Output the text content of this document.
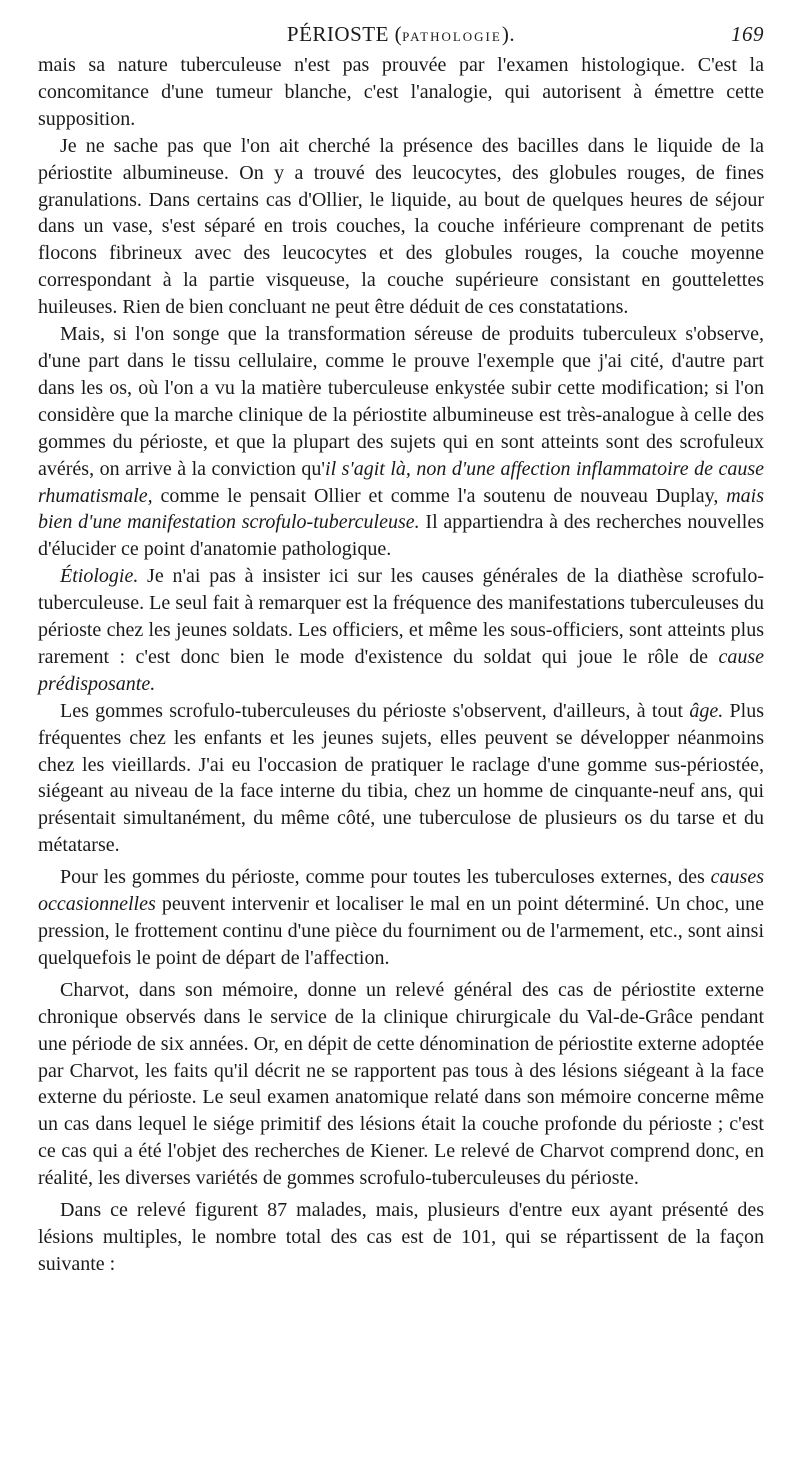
PÉRIOSTE (PATHOLOGIE).	169

mais sa nature tuberculeuse n'est pas prouvée par l'examen histologique. C'est la concomitance d'une tumeur blanche, c'est l'analogie, qui autorisent à émettre cette supposition.

Je ne sache pas que l'on ait cherché la présence des bacilles dans le liquide de la périostite albumineuse. On y a trouvé des leucocytes, des globules rouges, de fines granulations. Dans certains cas d'Ollier, le liquide, au bout de quelques heures de séjour dans un vase, s'est séparé en trois couches, la couche inférieure comprenant de petits flocons fibrineux avec des leucocytes et des globules rouges, la couche moyenne correspondant à la partie visqueuse, la couche supérieure consistant en gouttelettes huileuses. Rien de bien concluant ne peut être déduit de ces constatations.

Mais, si l'on songe que la transformation séreuse de produits tuberculeux s'observe, d'une part dans le tissu cellulaire, comme le prouve l'exemple que j'ai cité, d'autre part dans les os, où l'on a vu la matière tuberculeuse enkystée subir cette modification; si l'on considère que la marche clinique de la périostite albumineuse est très-analogue à celle des gommes du périoste, et que la plupart des sujets qui en sont atteints sont des scrofuleux avérés, on arrive à la conviction qu'il s'agit là, non d'une affection inflammatoire de cause rhumatismale, comme le pensait Ollier et comme l'a soutenu de nouveau Duplay, mais bien d'une manifestation scrofulo-tuberculeuse. Il appartiendra à des recherches nouvelles d'élucider ce point d'anatomie pathologique.

Étiologie. Je n'ai pas à insister ici sur les causes générales de la diathèse scrofulo-tuberculeuse. Le seul fait à remarquer est la fréquence des manifestations tuberculeuses du périoste chez les jeunes soldats. Les officiers, et même les sous-officiers, sont atteints plus rarement : c'est donc bien le mode d'existence du soldat qui joue le rôle de cause prédisposante.

Les gommes scrofulo-tuberculeuses du périoste s'observent, d'ailleurs, à tout âge. Plus fréquentes chez les enfants et les jeunes sujets, elles peuvent se développer néanmoins chez les vieillards. J'ai eu l'occasion de pratiquer le raclage d'une gomme sus-périostée, siégeant au niveau de la face interne du tibia, chez un homme de cinquante-neuf ans, qui présentait simultanément, du même côté, une tuberculose de plusieurs os du tarse et du métatarse.

Pour les gommes du périoste, comme pour toutes les tuberculoses externes, des causes occasionnelles peuvent intervenir et localiser le mal en un point déterminé. Un choc, une pression, le frottement continu d'une pièce du fourniment ou de l'armement, etc., sont ainsi quelquefois le point de départ de l'affection.

Charvot, dans son mémoire, donne un relevé général des cas de périostite externe chronique observés dans le service de la clinique chirurgicale du Val-de-Grâce pendant une période de six années. Or, en dépit de cette dénomination de périostite externe adoptée par Charvot, les faits qu'il décrit ne se rapportent pas tous à des lésions siégeant à la face externe du périoste. Le seul examen anatomique relaté dans son mémoire concerne même un cas dans lequel le siége primitif des lésions était la couche profonde du périoste ; c'est ce cas qui a été l'objet des recherches de Kiener. Le relevé de Charvot comprend donc, en réalité, les diverses variétés de gommes scrofulo-tuberculeuses du périoste.

Dans ce relevé figurent 87 malades, mais, plusieurs d'entre eux ayant présenté des lésions multiples, le nombre total des cas est de 101, qui se répartissent de la façon suivante :
